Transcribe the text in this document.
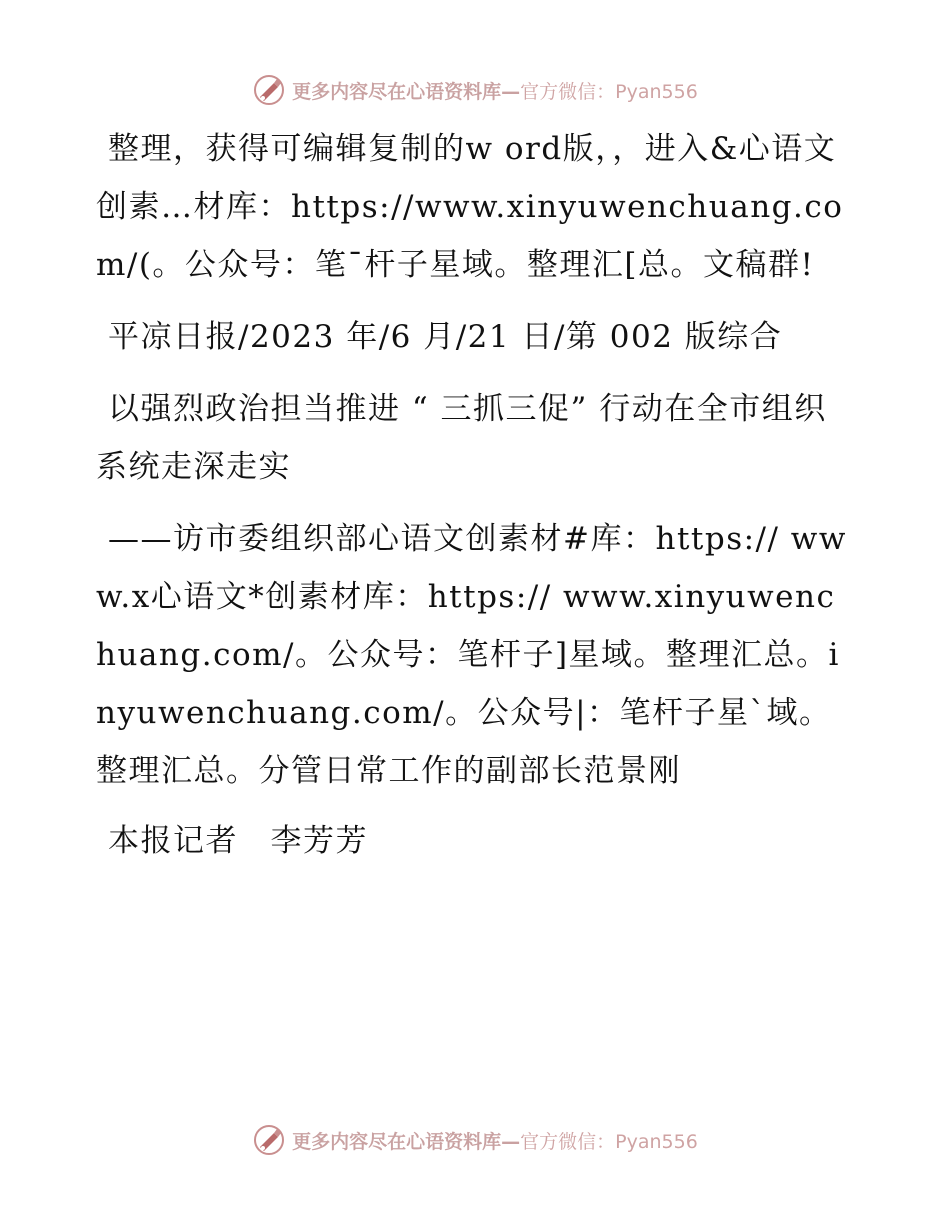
更多内容尽在心语资料库—官方微信：Pyan556

整理，获得可编辑复制的w ord版，，进入&心语文创素…材库：https://www.xinyuwenchuang.com/(。公众号：笔¯杆子星域。整理汇[总。文稿群!

平凉日报/2023 年/6 月/21 日/第 002 版综合

以强烈政治担当推进 “ 三抓三促” 行动在全市组织系统走深走实

——访市委组织部心语文创素材#库：https:// www.x心语文*创素材库：https:// www.xinyuwenchuang.com/。公众号：笔杆子]星域。整理汇总。inyuwenchuang.com/。公众号|：笔杆子星`域。整理汇总。分管日常工作的副部长范景刚

本报记者　李芳芳

更多内容尽在心语资料库—官方微信：Pyan556
